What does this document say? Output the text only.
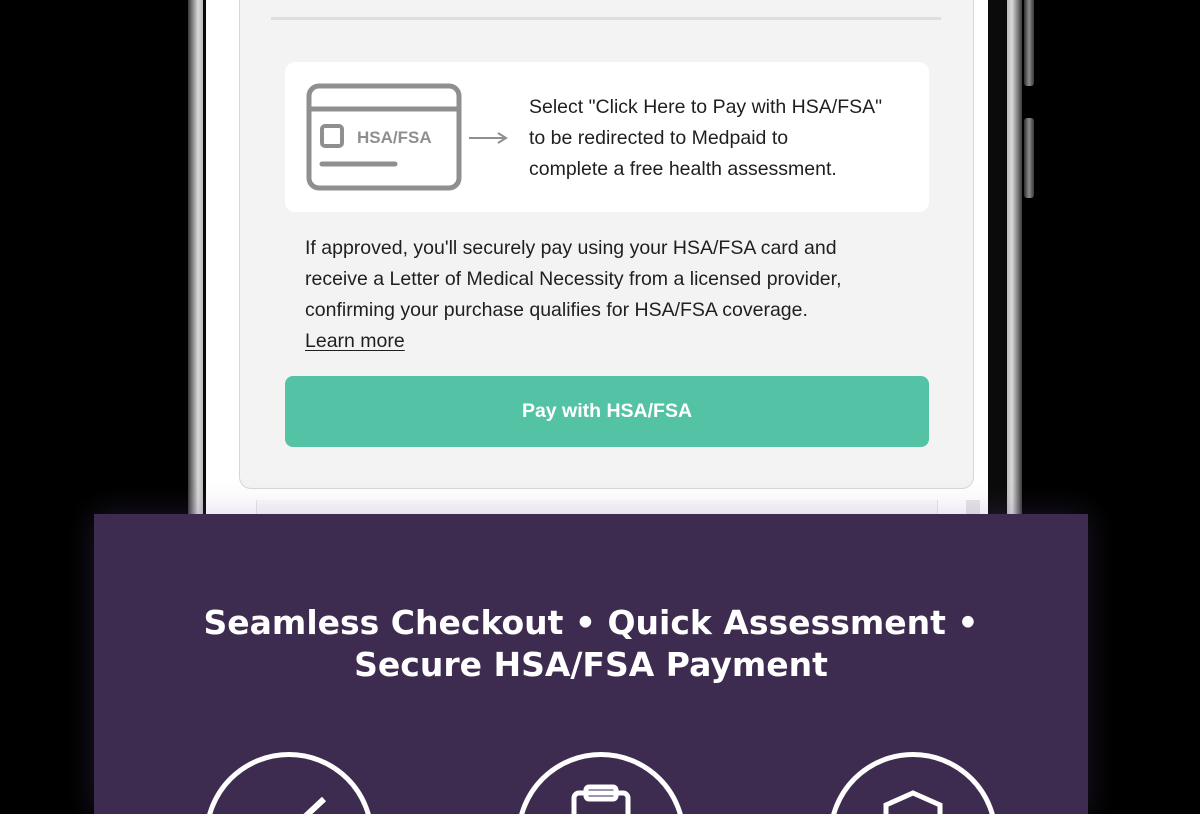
HSA/FSA

Select "Click Here to Pay with HSA/FSA"
to be redirected to Medpaid to
complete a free health assessment.

If approved, you'll securely pay using your HSA/FSA card and
receive a Letter of Medical Necessity from a licensed provider,
confirming your purchase qualifies for HSA/FSA coverage.

Learn more
Pay with HSA/FSA
Seamless Checkout • Quick Assessment •
Secure HSA/FSA Payment
